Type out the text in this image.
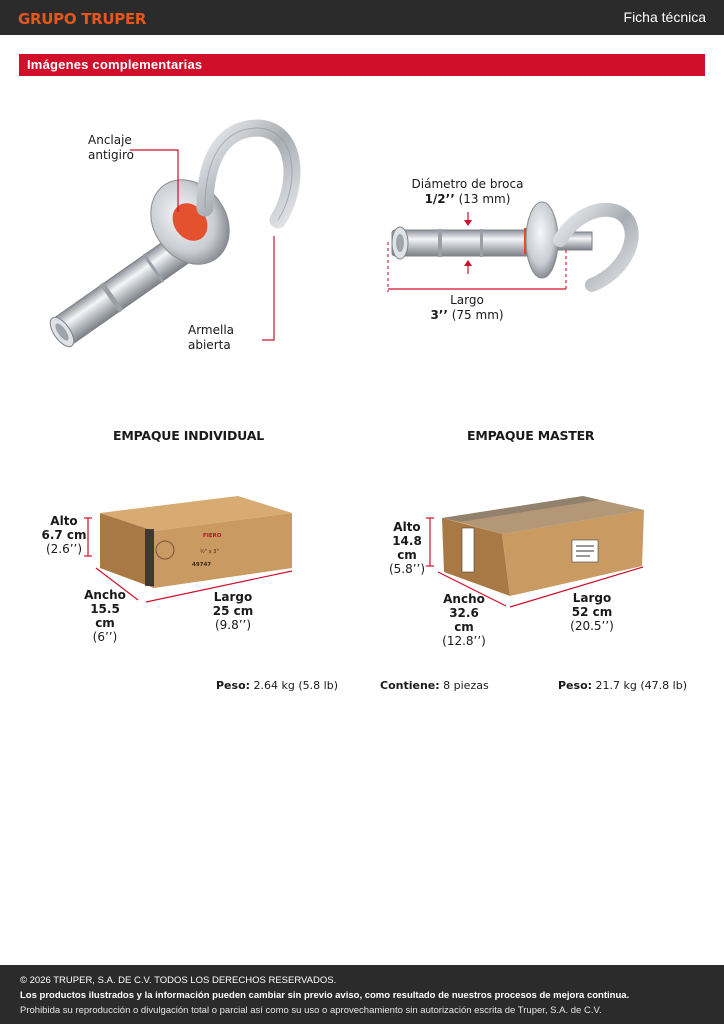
GRUPO TRUPER	Ficha técnica
Imágenes complementarias
Anclaje antigiro
Armella abierta
Diámetro de broca
1/2’’ (13 mm)
Largo
3’’ (75 mm)
EMPAQUE INDIVIDUAL	EMPAQUE MASTER
FIERO
½" x 3"
49747
Alto
6.7 cm
(2.6’’)
Ancho
15.5 cm
(6’’)
Largo
25 cm
(9.8’’)
Alto
14.8 cm
(5.8’’)
Ancho
32.6 cm
(12.8’’)
Largo
52 cm
(20.5’’)
Peso: 2.64 kg (5.8 lb)	Contiene: 8 piezas	Peso: 21.7 kg (47.8 lb)
© 2026 TRUPER, S.A. DE C.V. TODOS LOS DERECHOS RESERVADOS.
Los productos ilustrados y la información pueden cambiar sin previo aviso, como resultado de nuestros procesos de mejora continua.
Prohibida su reproducción o divulgación total o parcial así como su uso o aprovechamiento sin autorización escrita de Truper, S.A. de C.V.
